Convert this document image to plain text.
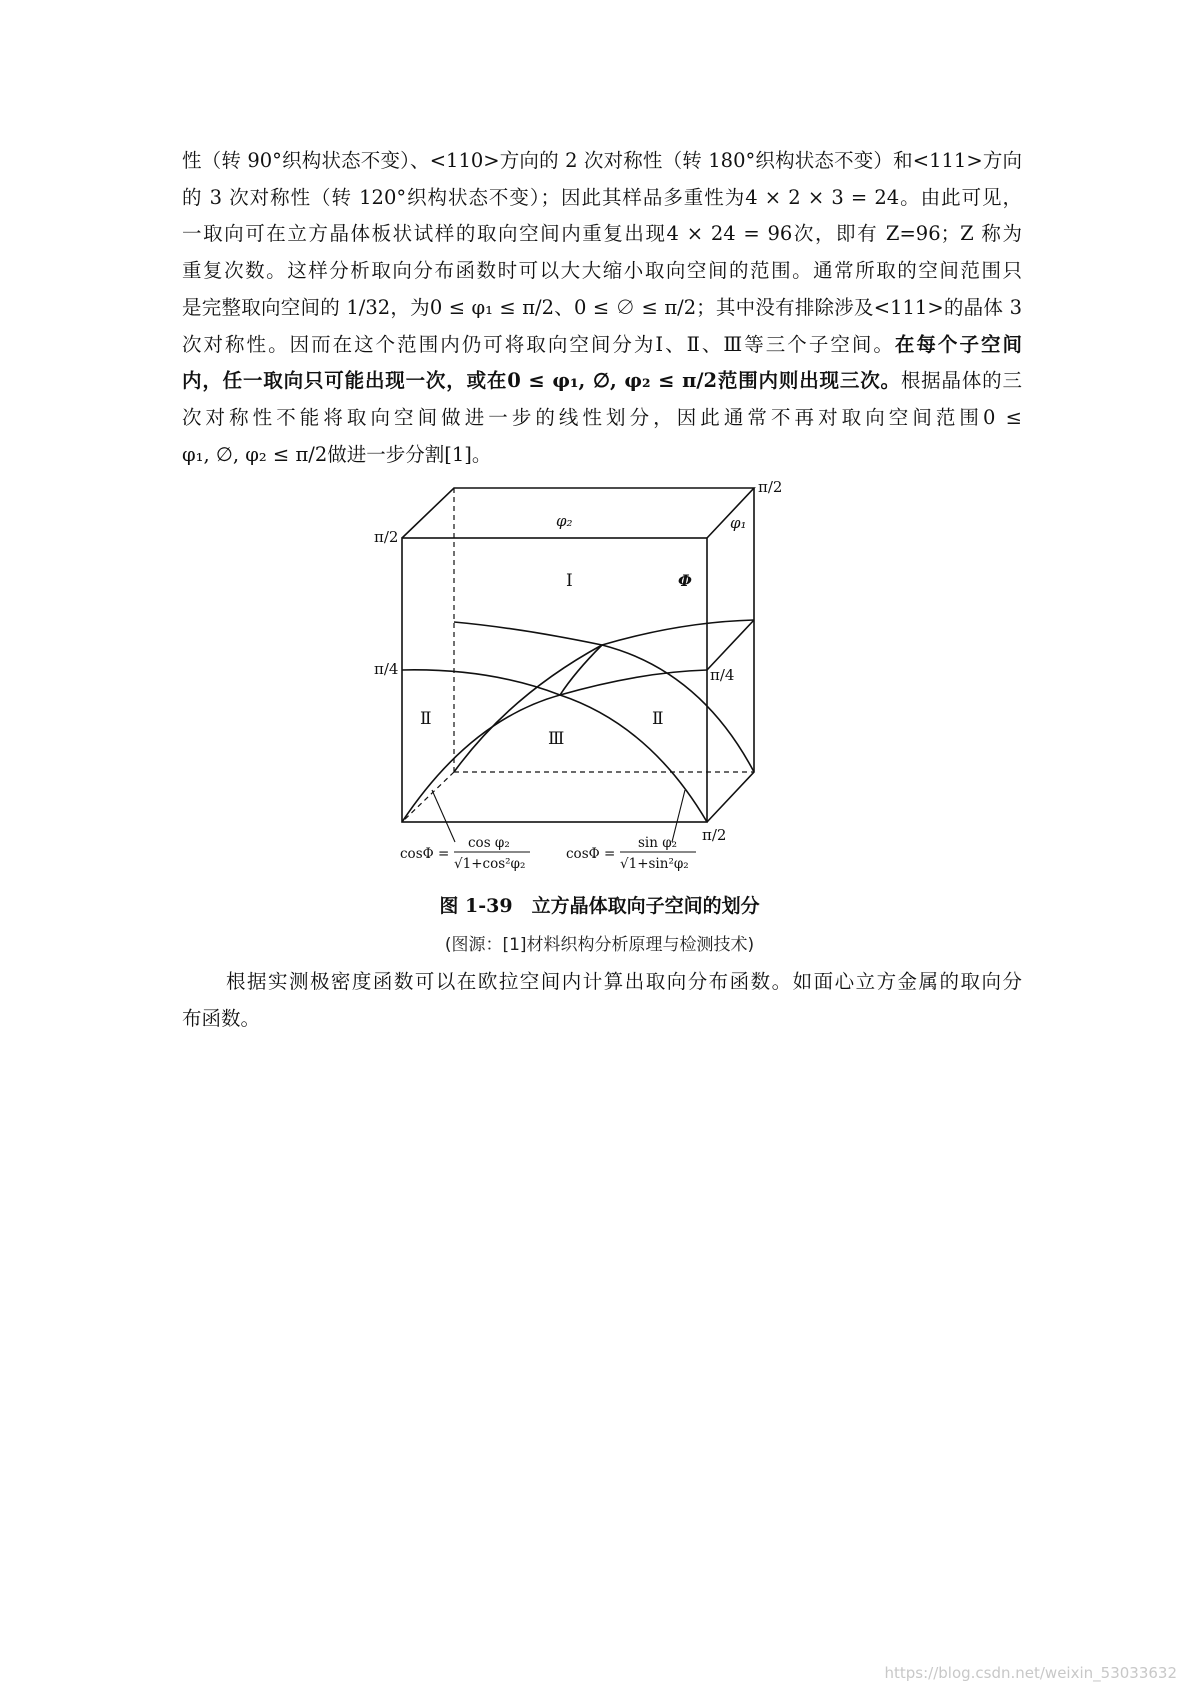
性（转 90°织构状态不变）、<110>方向的 2 次对称性（转 180°织构状态不变）和<111>方向
的 3 次对称性（转 120°织构状态不变）；因此其样品多重性为4 × 2 × 3 = 24。由此可见，
一取向可在立方晶体板状试样的取向空间内重复出现4 × 24 = 96次，即有 Z=96；Z 称为
重复次数。这样分析取向分布函数时可以大大缩小取向空间的范围。通常所取的空间范围只
是完整取向空间的 1/32，为0 ≤ φ₁ ≤ π/2、0 ≤ ∅ ≤ π/2；其中没有排除涉及<111>的晶体 3
次对称性。因而在这个范围内仍可将取向空间分为Ⅰ、Ⅱ、Ⅲ等三个子空间。在每个子空间
内，任一取向只可能出现一次，或在0 ≤ φ₁, ∅, φ₂ ≤ π/2范围内则出现三次。根据晶体的三
次对称性不能将取向空间做进一步的线性划分，因此通常不再对取向空间范围0 ≤
φ₁, ∅, φ₂ ≤ π/2做进一步分割[1]。
π/2
π/2
π/4	π/4
π/2
φ₂	φ₁
Φ
Ⅰ
Ⅱ	Ⅱ
Ⅲ
cosΦ =
cos φ₂
√1+cos²φ₂
cosΦ =
sin φ₂
√1+sin²φ₂
图 1-39　立方晶体取向子空间的划分
(图源：[1]材料织构分析原理与检测技术)
根据实测极密度函数可以在欧拉空间内计算出取向分布函数。如面心立方金属的取向分
布函数。
https://blog.csdn.net/weixin_53033632
